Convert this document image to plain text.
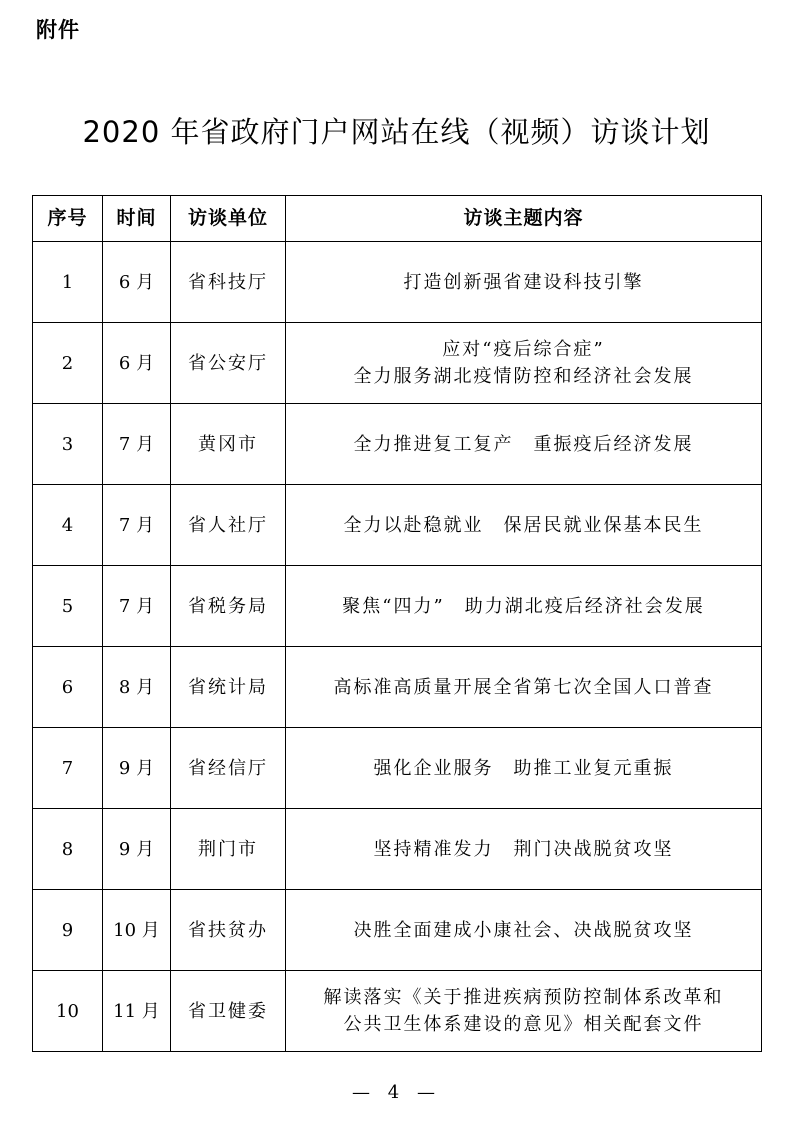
附件
2020 年省政府门户网站在线（视频）访谈计划
序号	时间	访谈单位	访谈主题内容
1	6 月	省科技厅	打造创新强省建设科技引擎

2	6 月	省公安厅	应对“疫后综合症”
全力服务湖北疫情防控和经济社会发展

3	7 月	黄冈市	全力推进复工复产　重振疫后经济发展

4	7 月	省人社厅	全力以赴稳就业　保居民就业保基本民生

5	7 月	省税务局	聚焦“四力”　助力湖北疫后经济社会发展

6	8 月	省统计局	高标准高质量开展全省第七次全国人口普查

7	9 月	省经信厅	强化企业服务　助推工业复元重振

8	9 月	荆门市	坚持精准发力　荆门决战脱贫攻坚

9	10 月	省扶贫办	决胜全面建成小康社会、决战脱贫攻坚

10	11 月	省卫健委	解读落实《关于推进疾病预防控制体系改革和
公共卫生体系建设的意见》相关配套文件
— 4 —
